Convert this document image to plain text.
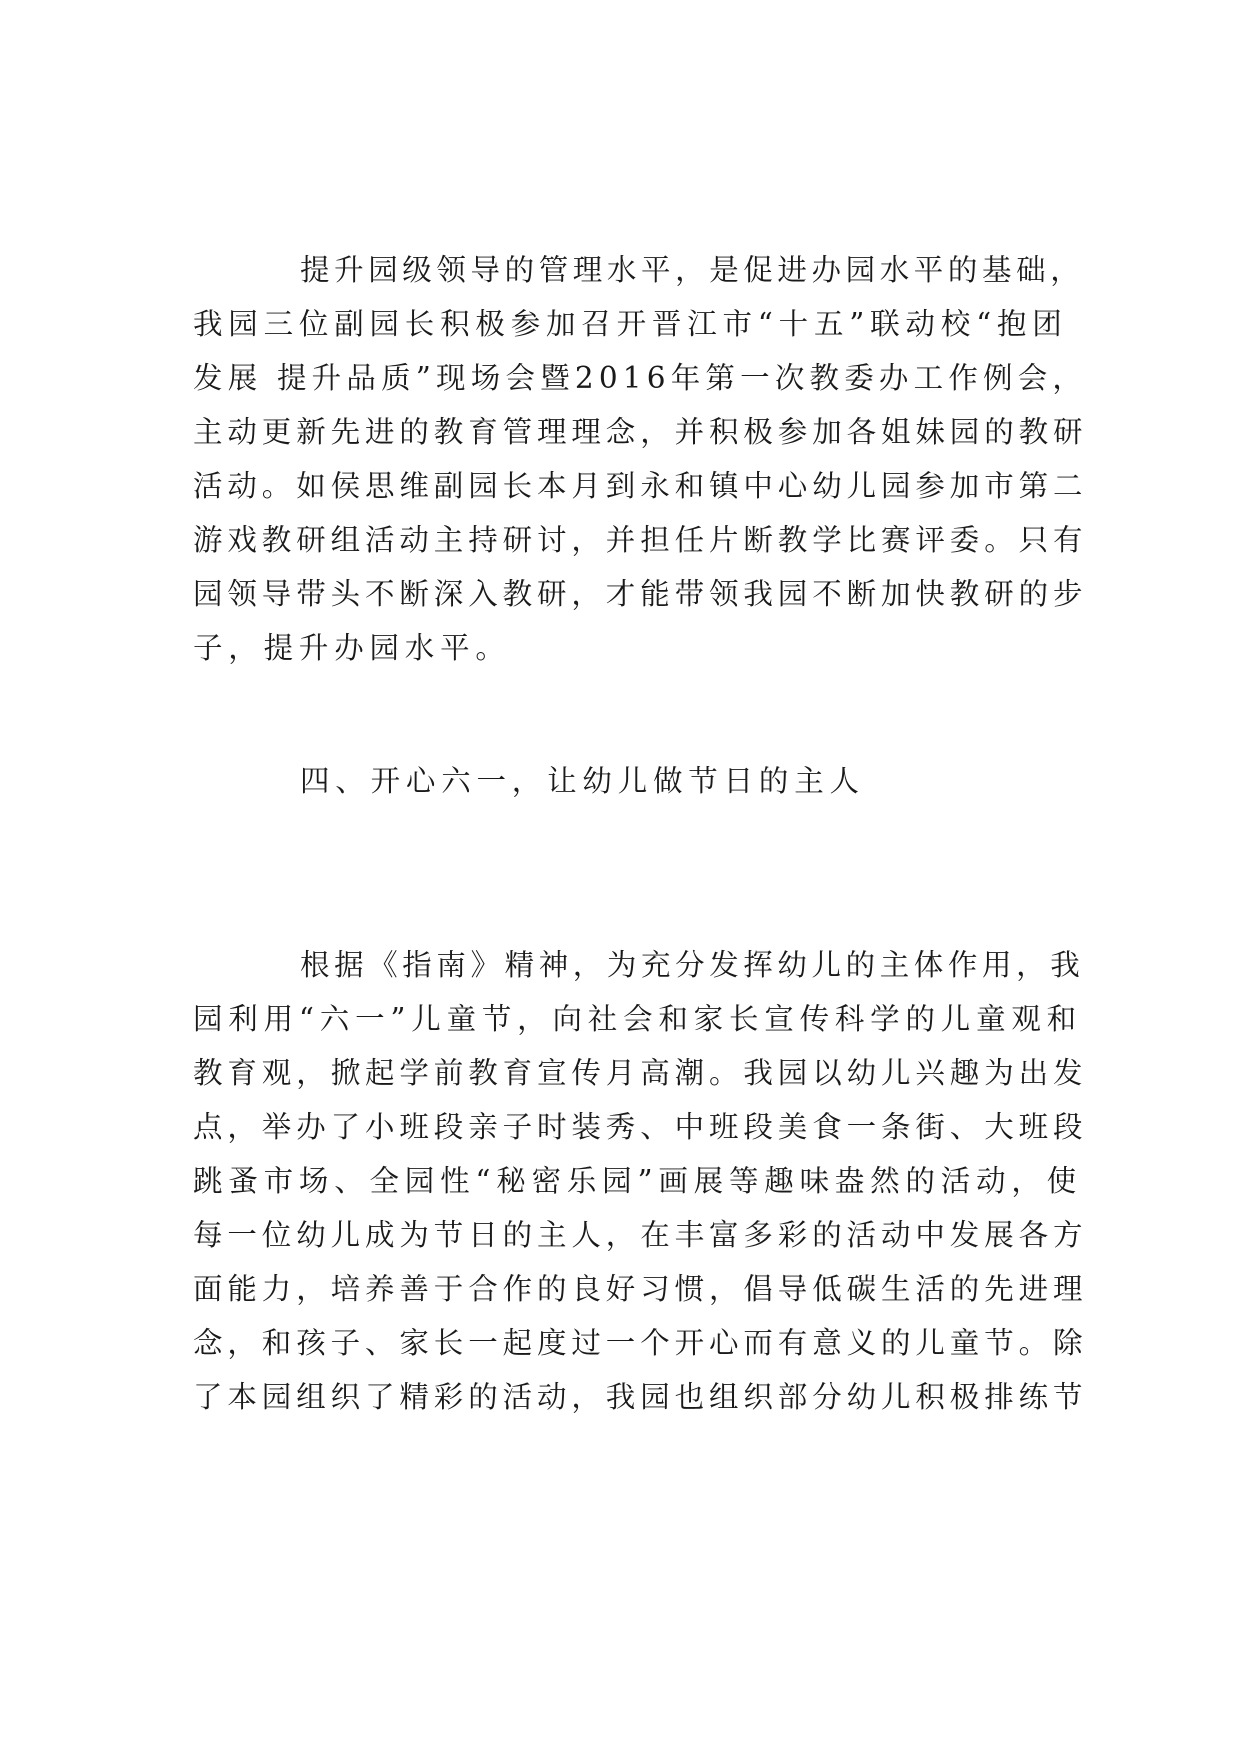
提升园级领导的管理水平，是促进办园水平的基础，
我园三位副园长积极参加召开晋江市“十五”联动校“抱团
发展 提升品质”现场会暨2016年第一次教委办工作例会，
主动更新先进的教育管理理念，并积极参加各姐妹园的教研
活动。如侯思维副园长本月到永和镇中心幼儿园参加市第二
游戏教研组活动主持研讨，并担任片断教学比赛评委。只有
园领导带头不断深入教研，才能带领我园不断加快教研的步
子，提升办园水平。
四、开心六一，让幼儿做节日的主人
根据《指南》精神，为充分发挥幼儿的主体作用，我
园利用“六一”儿童节，向社会和家长宣传科学的儿童观和
教育观，掀起学前教育宣传月高潮。我园以幼儿兴趣为出发
点，举办了小班段亲子时装秀、中班段美食一条街、大班段
跳蚤市场、全园性“秘密乐园”画展等趣味盎然的活动，使
每一位幼儿成为节日的主人，在丰富多彩的活动中发展各方
面能力，培养善于合作的良好习惯，倡导低碳生活的先进理
念，和孩子、家长一起度过一个开心而有意义的儿童节。除
了本园组织了精彩的活动，我园也组织部分幼儿积极排练节
